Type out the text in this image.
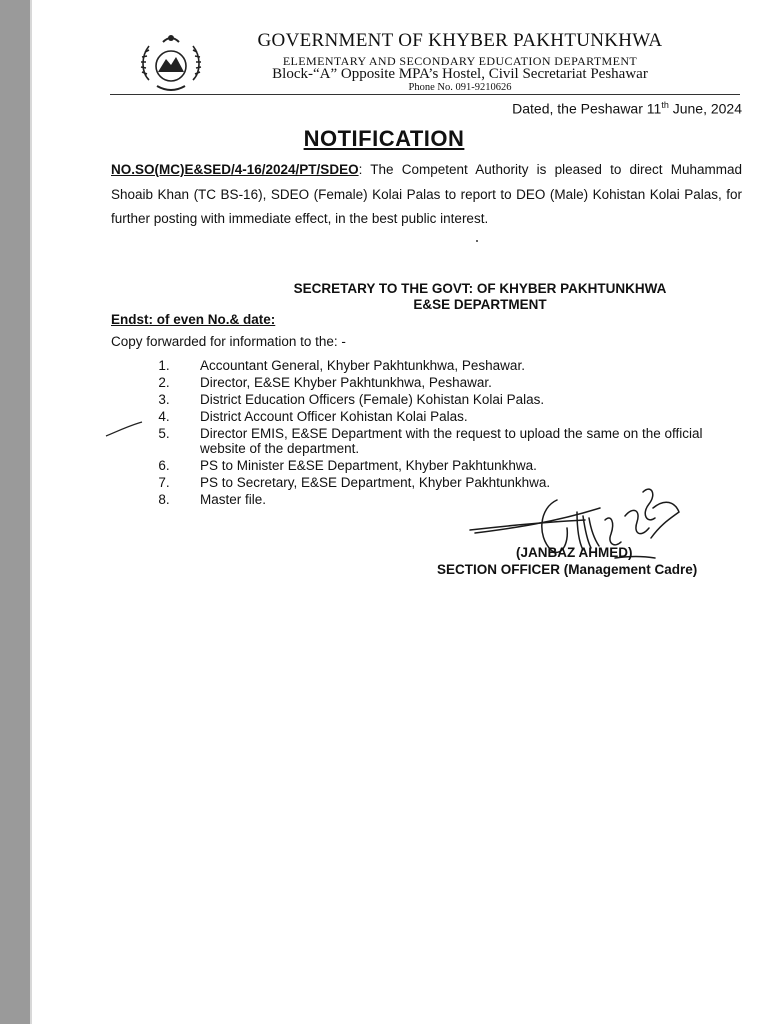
GOVERNMENT OF KHYBER PAKHTUNKHWA
ELEMENTARY AND SECONDARY EDUCATION DEPARTMENT
Block-“A” Opposite MPA’s Hostel, Civil Secretariat Peshawar
Phone No. 091-9210626
Dated, the Peshawar 11th June, 2024
NOTIFICATION
NO.SO(MC)E&SED/4-16/2024/PT/SDEO: The Competent Authority is pleased to direct Muhammad Shoaib Khan (TC BS-16), SDEO (Female) Kolai Palas to report to DEO (Male) Kohistan Kolai Palas, for further posting with immediate effect, in the best public interest.
SECRETARY TO THE GOVT: OF KHYBER PAKHTUNKHWA
E&SE DEPARTMENT
Endst: of even No.& date:
Copy forwarded for information to the: -
1.	Accountant General, Khyber Pakhtunkhwa, Peshawar.
2.	Director, E&SE Khyber Pakhtunkhwa, Peshawar.
3.	District Education Officers (Female) Kohistan Kolai Palas.
4.	District Account Officer Kohistan Kolai Palas.
5.	Director EMIS, E&SE Department with the request to upload the same on the official website of the department.
6.	PS to Minister E&SE Department, Khyber Pakhtunkhwa.
7.	PS to Secretary, E&SE Department, Khyber Pakhtunkhwa.
8.	Master file.
(JANBAZ AHMED)
SECTION OFFICER (Management Cadre)
